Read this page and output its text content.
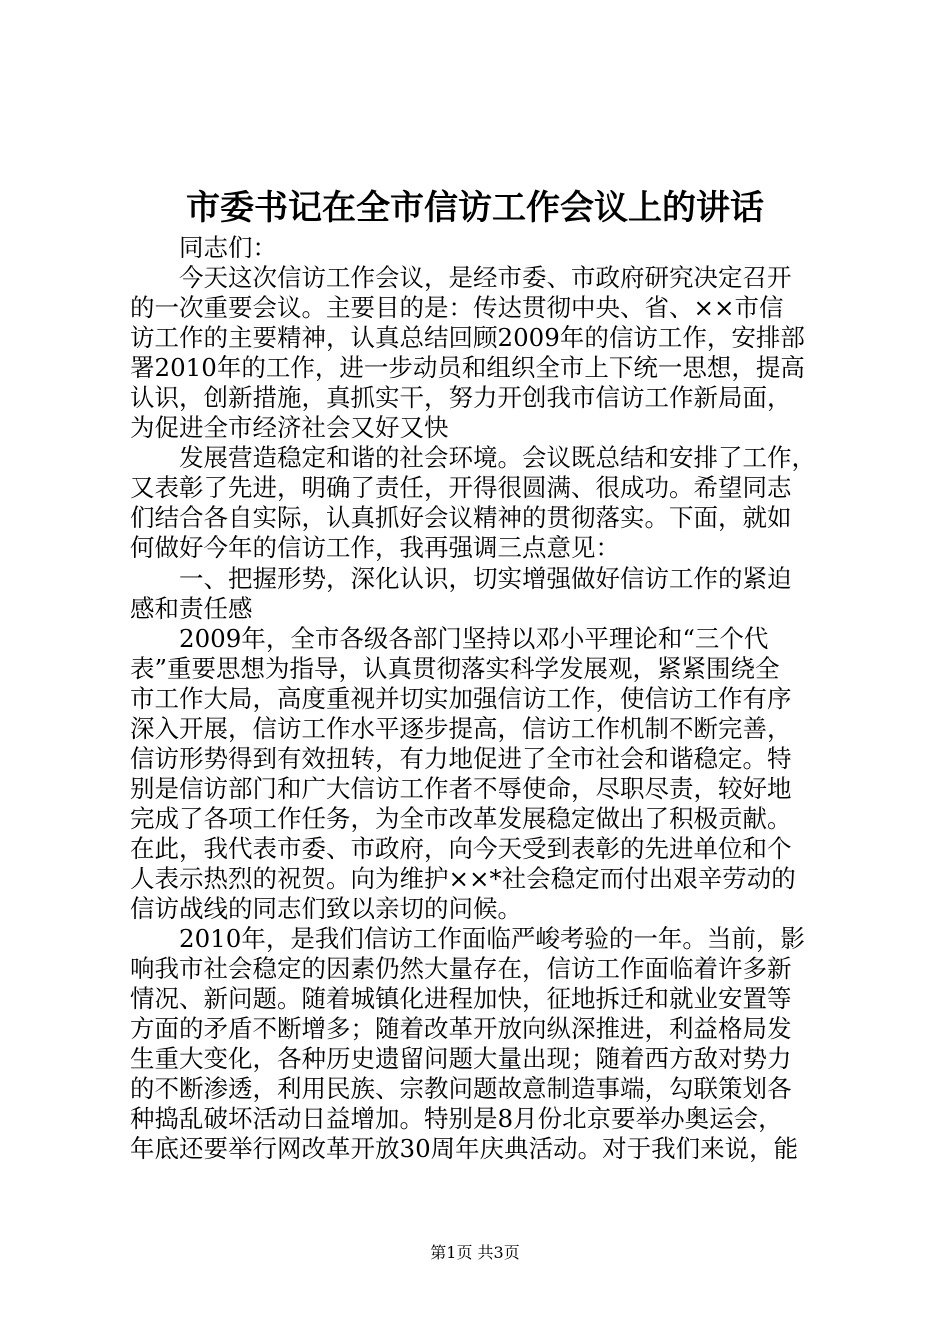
市委书记在全市信访工作会议上的讲话
　　同志们：
　　今天这次信访工作会议，是经市委、市政府研究决定召开
的一次重要会议。主要目的是：传达贯彻中央、省、××市信
访工作的主要精神，认真总结回顾2009年的信访工作，安排部
署2010年的工作，进一步动员和组织全市上下统一思想，提高
认识，创新措施，真抓实干，努力开创我市信访工作新局面，
为促进全市经济社会又好又快
　　发展营造稳定和谐的社会环境。会议既总结和安排了工作，
又表彰了先进，明确了责任，开得很圆满、很成功。希望同志
们结合各自实际，认真抓好会议精神的贯彻落实。下面，就如
何做好今年的信访工作，我再强调三点意见：
　　一、把握形势，深化认识，切实增强做好信访工作的紧迫
感和责任感
　　2009年，全市各级各部门坚持以邓小平理论和“三个代
表”重要思想为指导，认真贯彻落实科学发展观，紧紧围绕全
市工作大局，高度重视并切实加强信访工作，使信访工作有序
深入开展，信访工作水平逐步提高，信访工作机制不断完善，
信访形势得到有效扭转，有力地促进了全市社会和谐稳定。特
别是信访部门和广大信访工作者不辱使命，尽职尽责，较好地
完成了各项工作任务，为全市改革发展稳定做出了积极贡献。
在此，我代表市委、市政府，向今天受到表彰的先进单位和个
人表示热烈的祝贺。向为维护××*社会稳定而付出艰辛劳动的
信访战线的同志们致以亲切的问候。
　　2010年，是我们信访工作面临严峻考验的一年。当前，影
响我市社会稳定的因素仍然大量存在，信访工作面临着许多新
情况、新问题。随着城镇化进程加快，征地拆迁和就业安置等
方面的矛盾不断增多；随着改革开放向纵深推进，利益格局发
生重大变化，各种历史遗留问题大量出现；随着西方敌对势力
的不断渗透，利用民族、宗教问题故意制造事端，勾联策划各
种捣乱破坏活动日益增加。特别是8月份北京要举办奥运会，
年底还要举行网改革开放30周年庆典活动。对于我们来说，能
第1页 共3页
